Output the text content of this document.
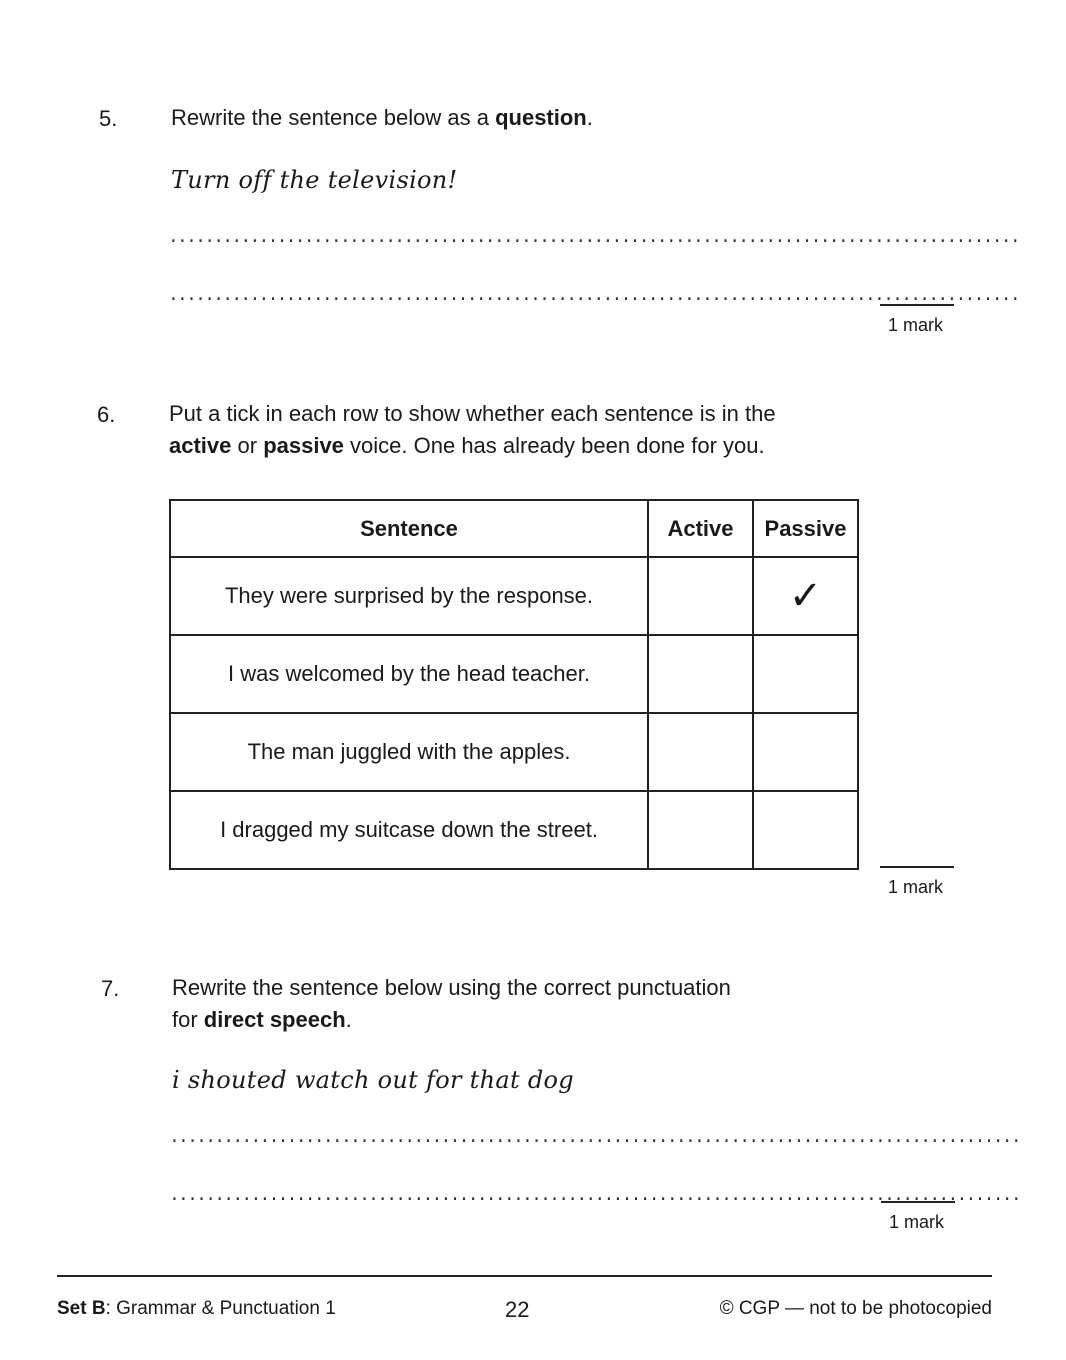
5. Rewrite the sentence below as a question.
Turn off the television!
..............................................................................................
..............................................................................................
1 mark
6. Put a tick in each row to show whether each sentence is in the
active or passive voice. One has already been done for you.
Sentence	Active	Passive
They were surprised by the response.		✓
I was welcomed by the head teacher.		
The man juggled with the apples.		
I dragged my suitcase down the street.		
1 mark
7. Rewrite the sentence below using the correct punctuation
for direct speech.
i shouted watch out for that dog
..............................................................................................
..............................................................................................
1 mark
Set B: Grammar & Punctuation 1	22	© CGP — not to be photocopied
